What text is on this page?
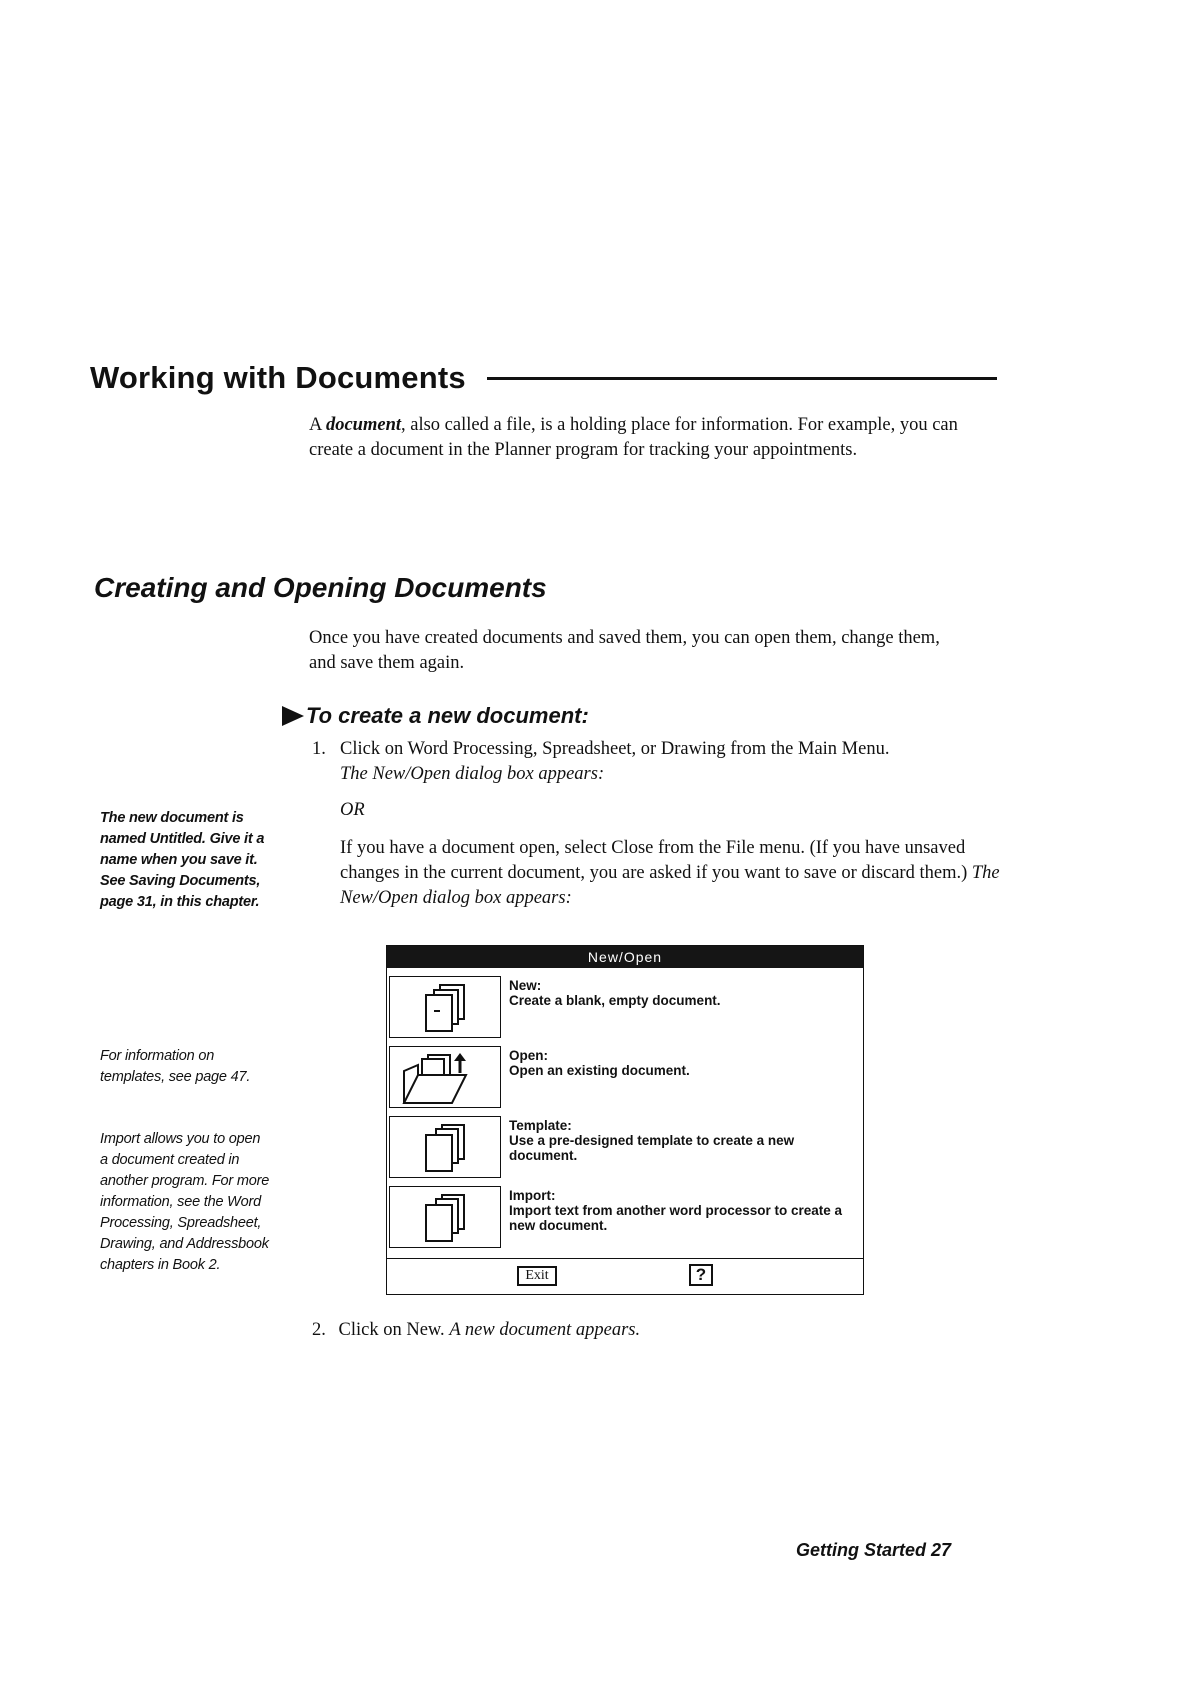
Working with Documents
A document, also called a file, is a holding place for information. For example, you can create a document in the Planner program for tracking your appointments.
Creating and Opening Documents
Once you have created documents and saved them, you can open them, change them, and save them again.
To create a new document:
1. Click on Word Processing, Spreadsheet, or Drawing from the Main Menu.
The New/Open dialog box appears:
OR
If you have a document open, select Close from the File menu. (If you have unsaved changes in the current document, you are asked if you want to save or discard them.) The New/Open dialog box appears:
The new document is named Untitled. Give it a name when you save it. See Saving Documents, page 31, in this chapter.
For information on templates, see page 47.
Import allows you to open a document created in another program. For more information, see the Word Processing, Spreadsheet, Drawing, and Addressbook chapters in Book 2.
New/Open
New:
Create a blank, empty document.
Open:
Open an existing document.
Template:
Use a pre-designed template to create a new document.
Import:
Import text from another word processor to create a new document.
Exit	?
2. Click on New. A new document appears.
Getting Started 27
